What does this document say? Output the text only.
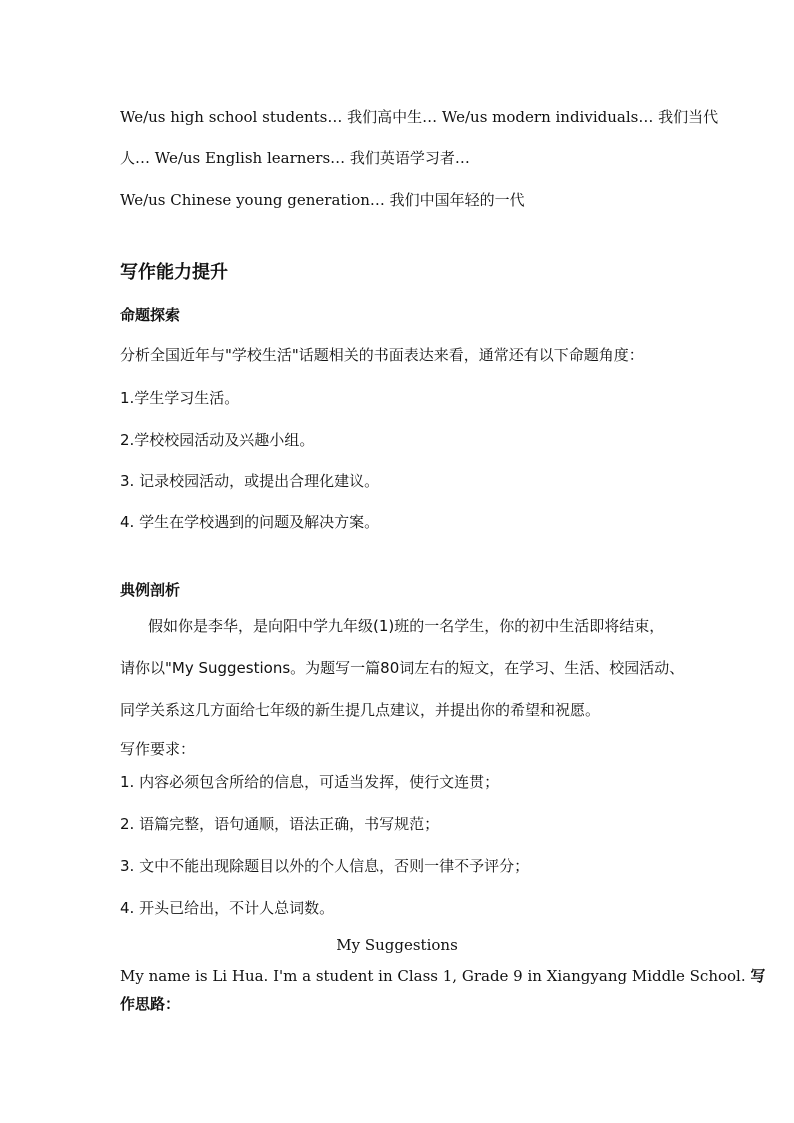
We/us high school students… 我们高中生… We/us modern individuals… 我们当代
人… We/us English learners… 我们英语学习者…
We/us Chinese young generation… 我们中国年轻的一代
写作能力提升
命题探索
分析全国近年与"学校生活"话题相关的书面表达来看，通常还有以下命题角度：
1.学生学习生活。
2.学校校园活动及兴趣小组。
3. 记录校园活动，或提出合理化建议。
4. 学生在学校遇到的问题及解决方案。
典例剖析
假如你是李华，是向阳中学九年级(1)班的一名学生，你的初中生活即将结束，
请你以"My Suggestions。为题写一篇80词左右的短文，在学习、生活、校园活动、
同学关系这几方面给七年级的新生提几点建议，并提出你的希望和祝愿。
写作要求：
1. 内容必须包含所给的信息，可适当发挥，使行文连贯；
2. 语篇完整，语句通顺，语法正确，书写规范；
3. 文中不能出现除题目以外的个人信息，否则一律不予评分；
4. 开头已给出，不计人总词数。
My Suggestions
My name is Li Hua. I'm a student in Class 1, Grade 9 in Xiangyang Middle School. 写
作思路：
